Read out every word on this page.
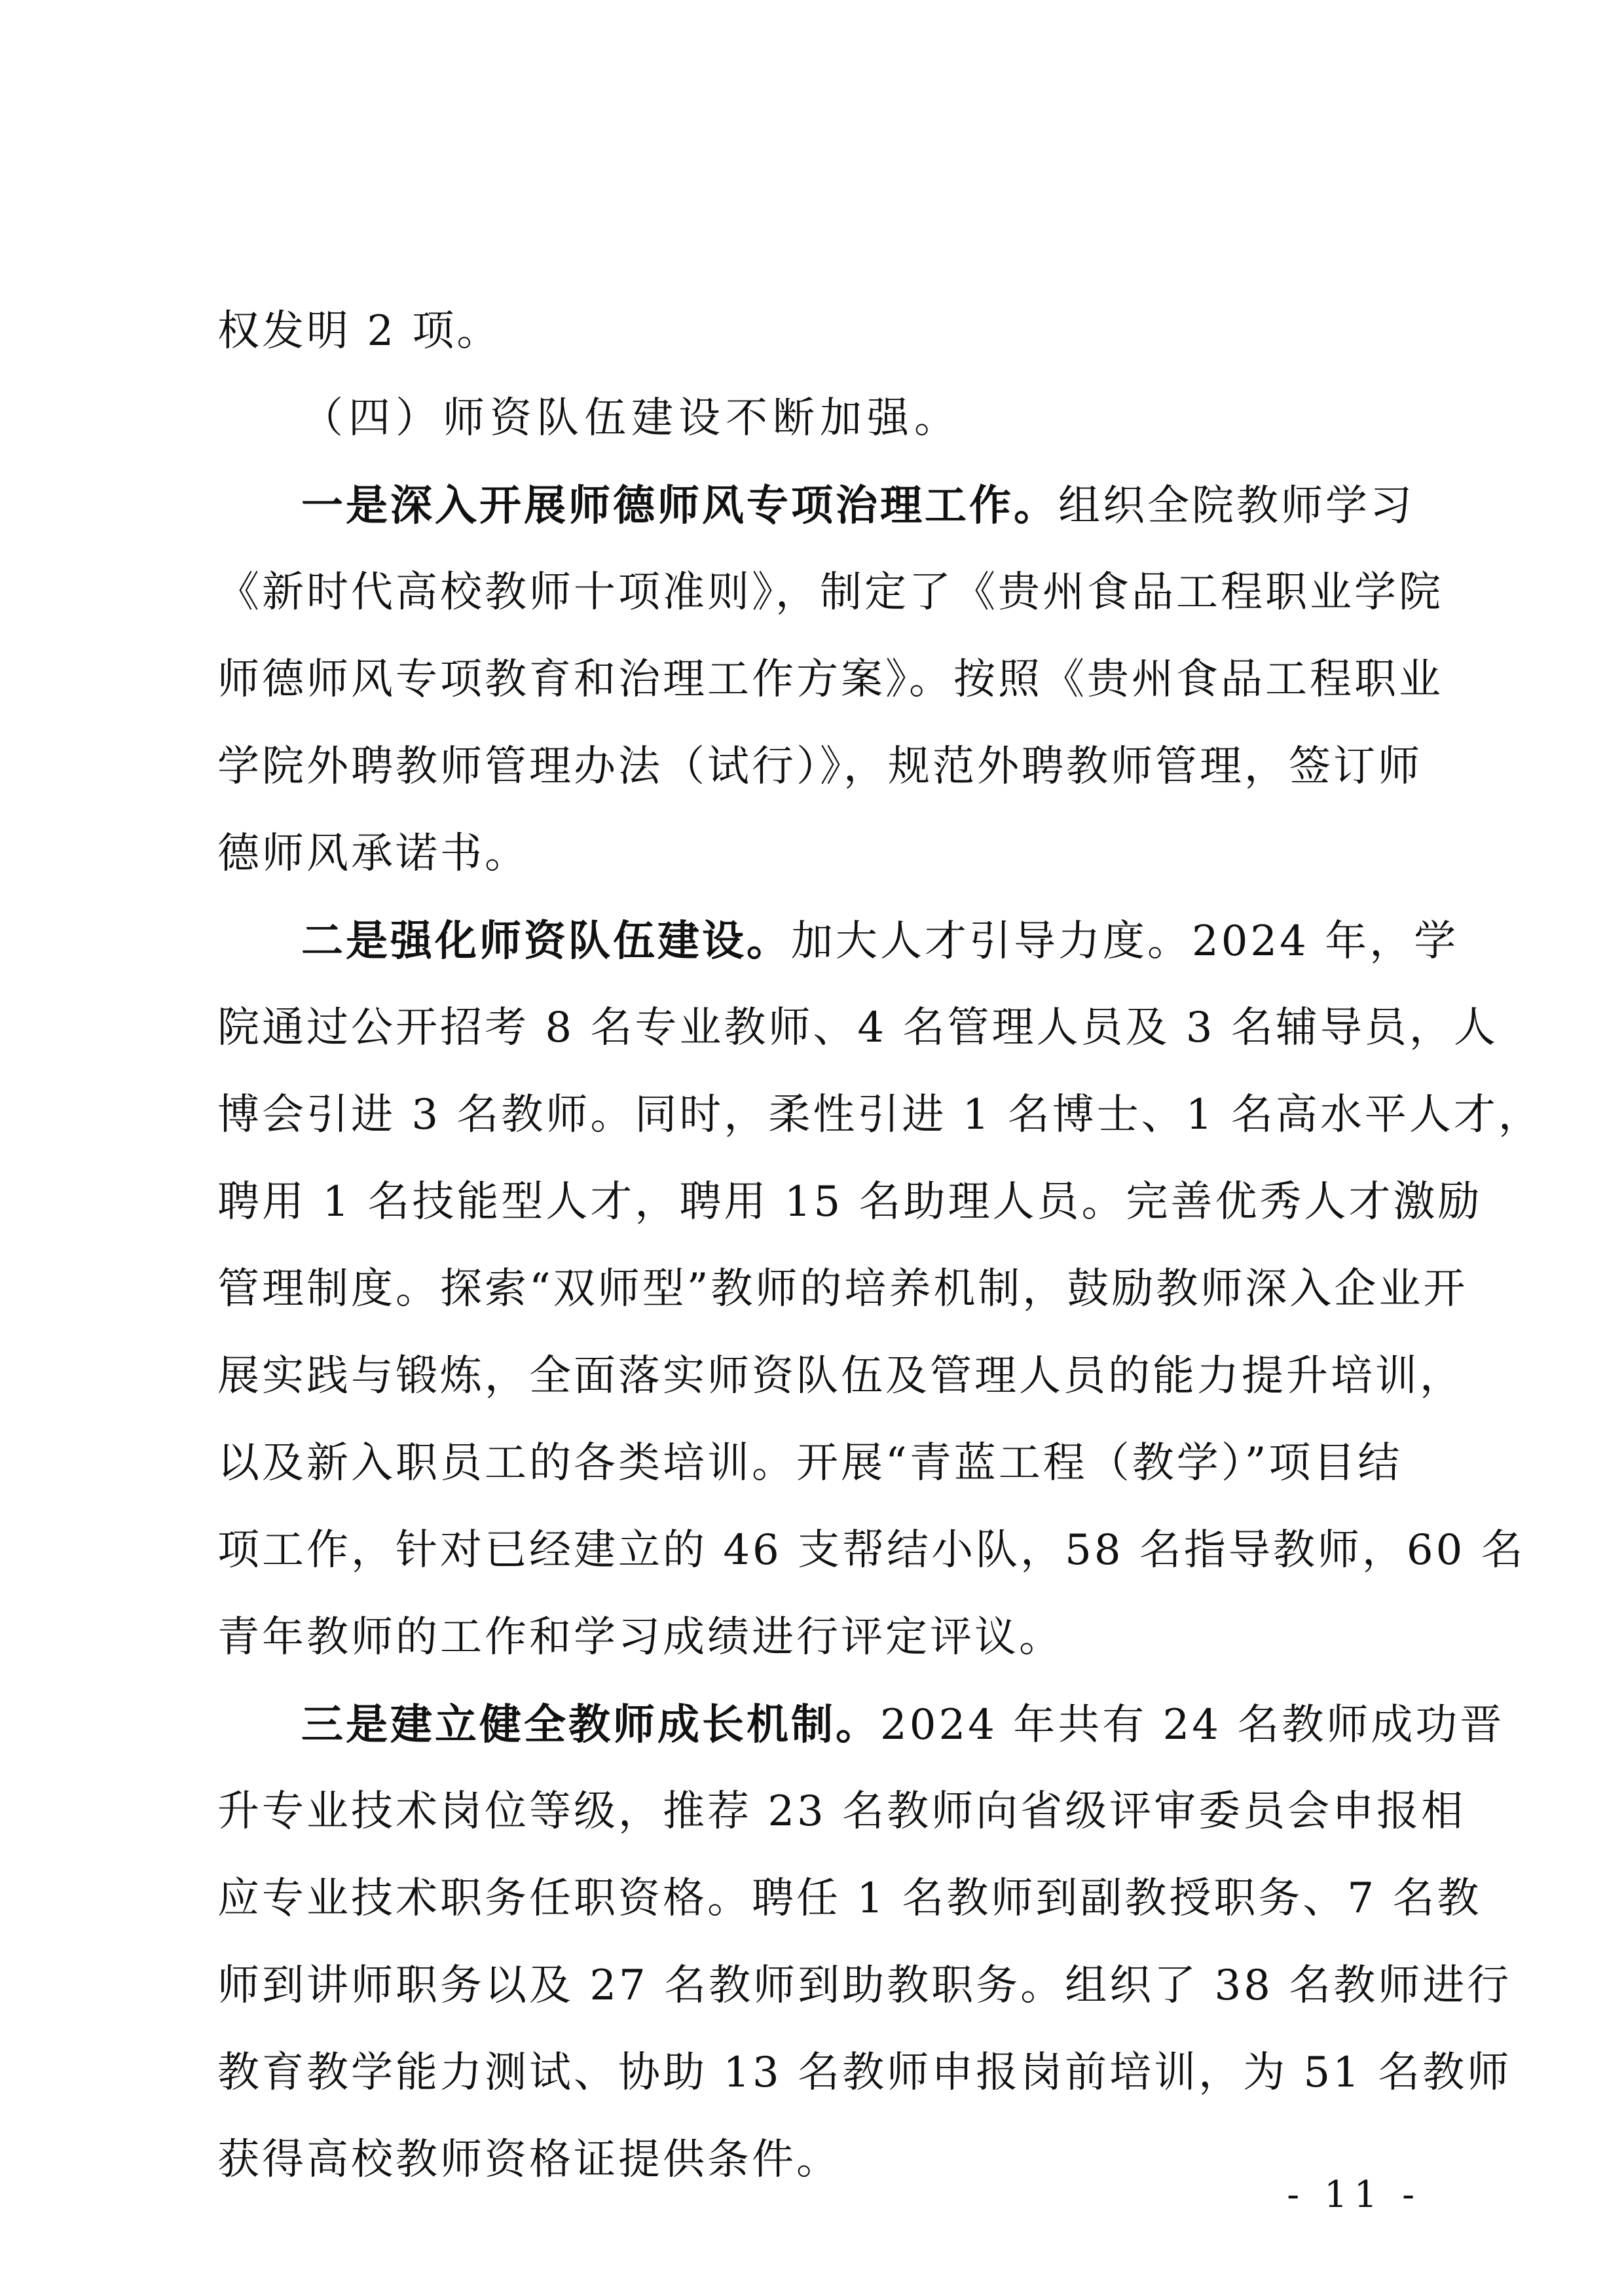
权发明 2 项。
（四）师资队伍建设不断加强。
一是深入开展师德师风专项治理工作。组织全院教师学习
《新时代高校教师十项准则》，制定了《贵州食品工程职业学院
师德师风专项教育和治理工作方案》。按照《贵州食品工程职业
学院外聘教师管理办法（试行）》，规范外聘教师管理，签订师
德师风承诺书。
二是强化师资队伍建设。加大人才引导力度。2024 年，学
院通过公开招考 8 名专业教师、4 名管理人员及 3 名辅导员，人
博会引进 3 名教师。同时，柔性引进 1 名博士、1 名高水平人才，
聘用 1 名技能型人才，聘用 15 名助理人员。完善优秀人才激励
管理制度。探索“双师型”教师的培养机制，鼓励教师深入企业开
展实践与锻炼，全面落实师资队伍及管理人员的能力提升培训，
以及新入职员工的各类培训。开展“青蓝工程（教学）”项目结
项工作，针对已经建立的 46 支帮结小队，58 名指导教师，60 名
青年教师的工作和学习成绩进行评定评议。
三是建立健全教师成长机制。2024 年共有 24 名教师成功晋
升专业技术岗位等级，推荐 23 名教师向省级评审委员会申报相
应专业技术职务任职资格。聘任 1 名教师到副教授职务、7 名教
师到讲师职务以及 27 名教师到助教职务。组织了 38 名教师进行
教育教学能力测试、协助 13 名教师申报岗前培训，为 51 名教师
获得高校教师资格证提供条件。
- 11 -
